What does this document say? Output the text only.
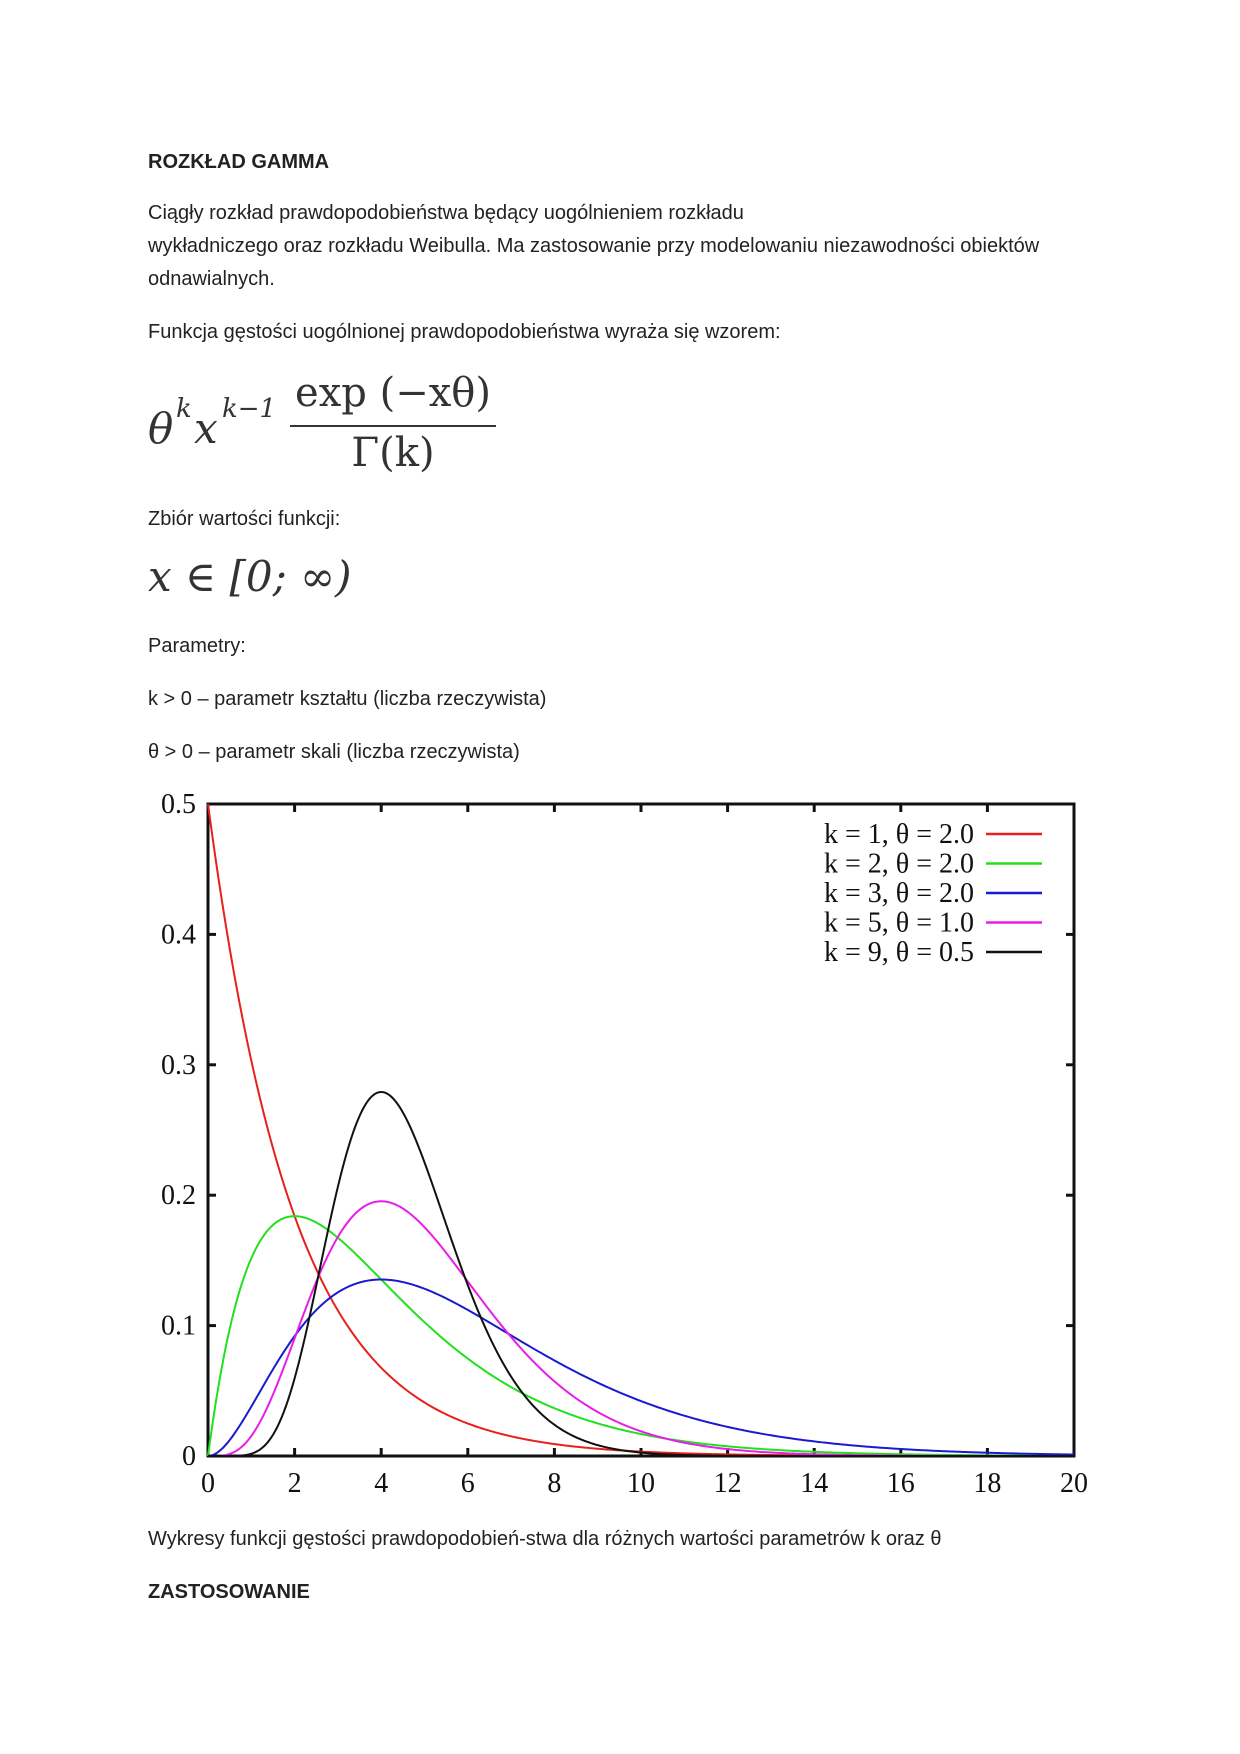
ROZKŁAD GAMMA
Ciągły rozkład prawdopodobieństwa będący uogólnieniem rozkładu
wykładniczego oraz rozkładu Weibulla. Ma zastosowanie przy modelowaniu niezawodności obiektów
odnawialnych.
Funkcja gęstości uogólnionej prawdopodobieństwa wyraża się wzorem:
θ k x k−1 exp (−xθ)
Γ(k)
Zbiór wartości funkcji:
x ∈ [0; ∞)
Parametry:
k > 0 – parametr kształtu (liczba rzeczywista)
θ > 0 – parametr skali (liczba rzeczywista)
0	2	4	6	8 10 12 14 16 18 20
0
0.1
0.2
0.3
0.4
0.5
k = 1, θ = 2.0
k = 2, θ = 2.0
k = 3, θ = 2.0
k = 5, θ = 1.0
k = 9, θ = 0.5
Wykresy funkcji gęstości prawdopodobień-stwa dla różnych wartości parametrów k oraz θ
ZASTOSOWANIE
